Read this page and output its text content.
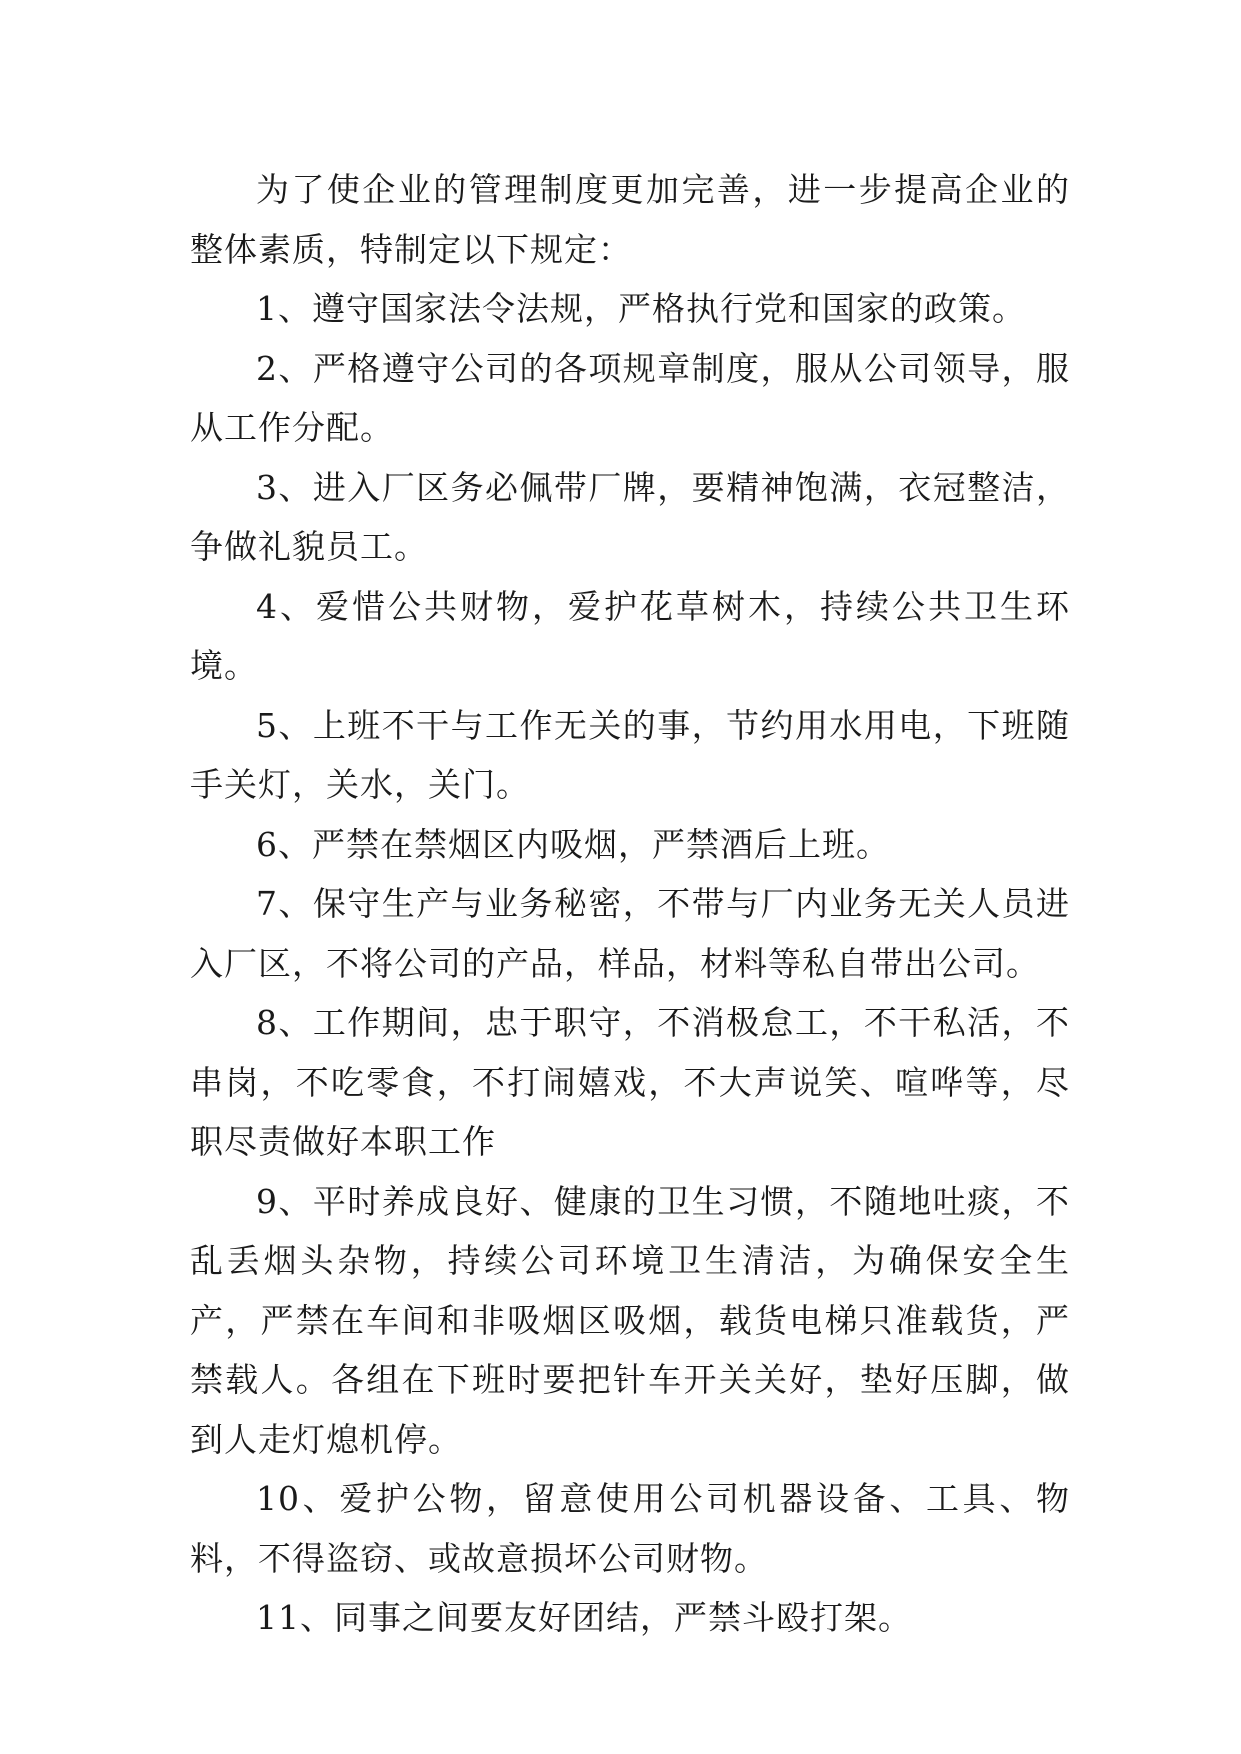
为了使企业的管理制度更加完善，进一步提高企业的整体素质，特制定以下规定：

1、遵守国家法令法规，严格执行党和国家的政策。

2、严格遵守公司的各项规章制度，服从公司领导，服从工作分配。

3、进入厂区务必佩带厂牌，要精神饱满，衣冠整洁，争做礼貌员工。

4、爱惜公共财物，爱护花草树木，持续公共卫生环境。

5、上班不干与工作无关的事，节约用水用电，下班随手关灯，关水，关门。

6、严禁在禁烟区内吸烟，严禁酒后上班。

7、保守生产与业务秘密，不带与厂内业务无关人员进入厂区，不将公司的产品，样品，材料等私自带出公司。

8、工作期间，忠于职守，不消极怠工，不干私活，不串岗，不吃零食，不打闹嬉戏，不大声说笑、喧哗等，尽职尽责做好本职工作

9、平时养成良好、健康的卫生习惯，不随地吐痰，不乱丢烟头杂物，持续公司环境卫生清洁，为确保安全生产，严禁在车间和非吸烟区吸烟，载货电梯只准载货，严禁载人。各组在下班时要把针车开关关好，垫好压脚，做到人走灯熄机停。

10、爱护公物，留意使用公司机器设备、工具、物料，不得盗窃、或故意损坏公司财物。

11、同事之间要友好团结，严禁斗殴打架。
